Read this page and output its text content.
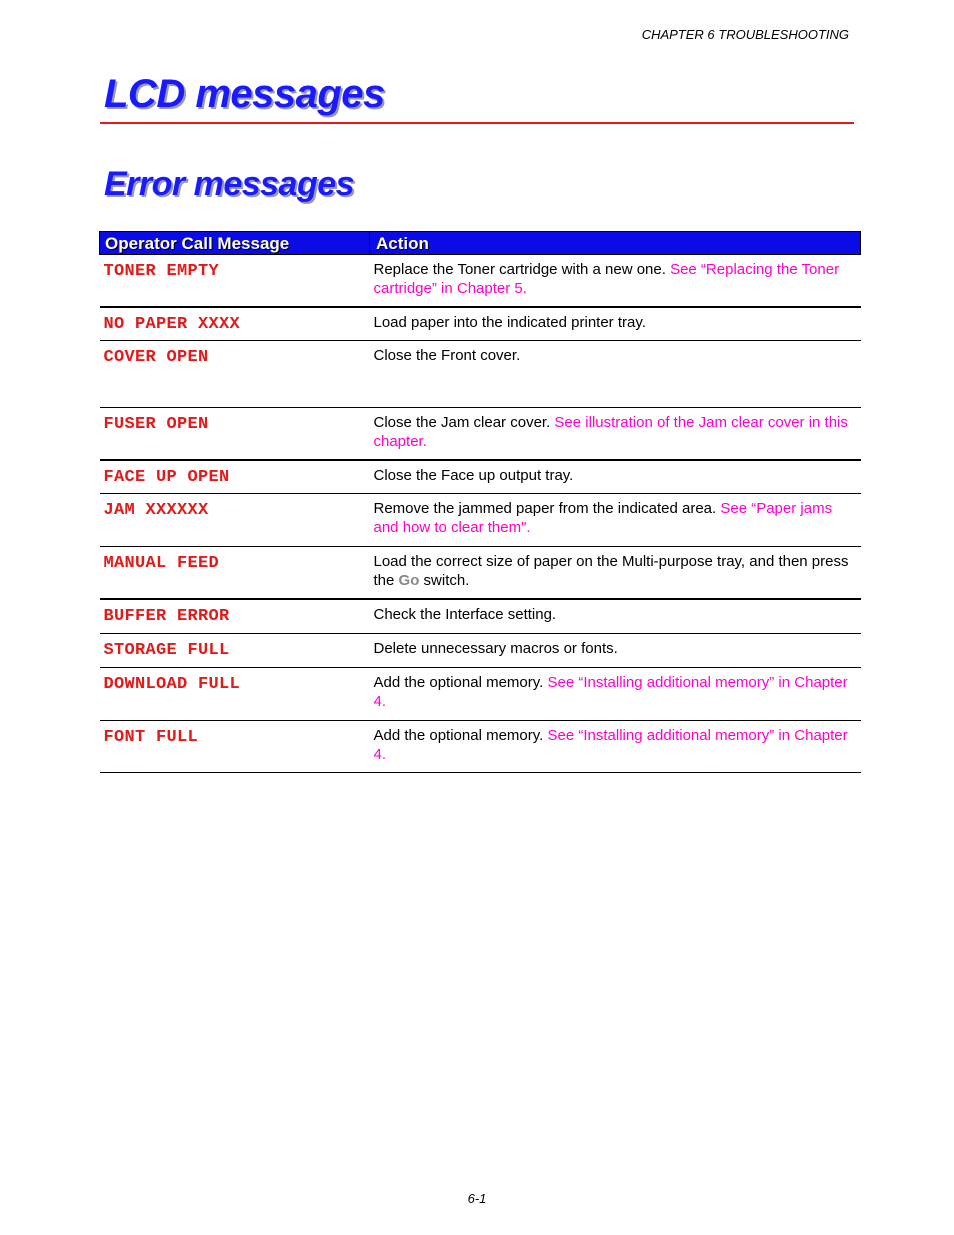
CHAPTER 6 TROUBLESHOOTING
LCD messages
Error messages
Operator Call Message	Action

TONER EMPTY	Replace the Toner cartridge with a new one. See “Replacing the Toner cartridge” in Chapter 5.

NO PAPER XXXX	Load paper into the indicated printer tray.

COVER OPEN	Close the Front cover.

FUSER OPEN	Close the Jam clear cover. See illustration of the Jam clear cover in this chapter.

FACE UP OPEN	Close the Face up output tray.

JAM XXXXXX	Remove the jammed paper from the indicated area. See “Paper jams and how to clear them".

MANUAL FEED	Load the correct size of paper on the Multi-purpose tray, and then press the Go switch.

BUFFER ERROR	Check the Interface setting.

STORAGE FULL	Delete unnecessary macros or fonts.

DOWNLOAD FULL	Add the optional memory. See “Installing additional memory” in Chapter 4.

FONT FULL	Add the optional memory. See “Installing additional memory” in Chapter 4.
6-1
